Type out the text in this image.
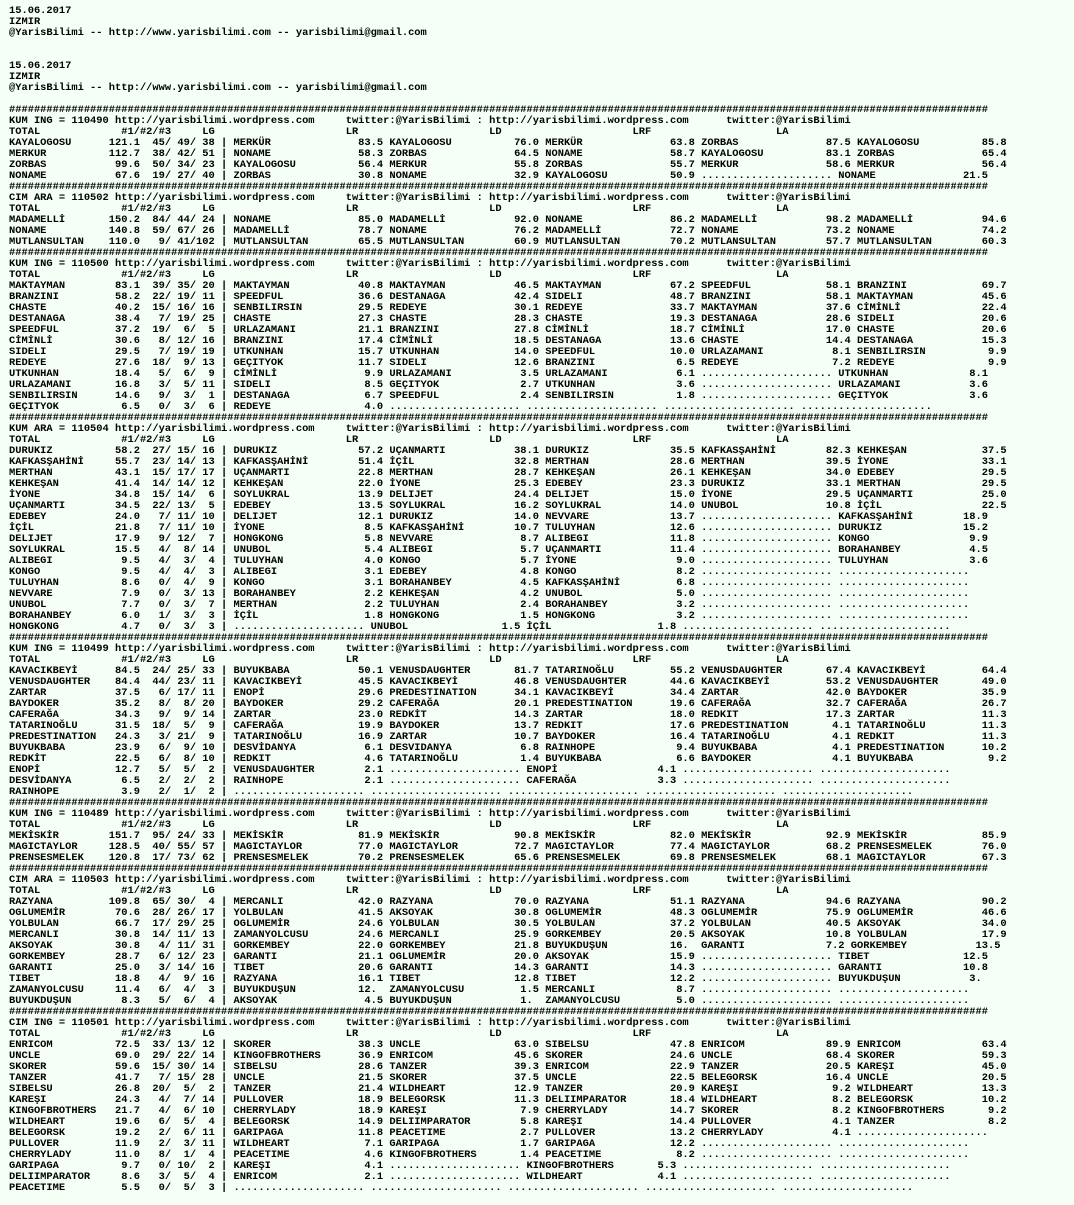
15.06.2017
IZMIR
@YarisBilimi -- http://www.yarisbilimi.com -- yarisbilimi@gmail.com

15.06.2017
IZMIR
@YarisBilimi -- http://www.yarisbilimi.com -- yarisbilimi@gmail.com

#############################################################################################################################################################
KUM ING = 110490 http://yarisbilimi.wordpress.com     twitter:@YarisBilimi : http://yarisbilimi.wordpress.com      twitter:@YarisBilimi
TOTAL             #1/#2/#3     LG                     LR                     LD                     LRF                    LA
KAYALOGOSU      121.1  45/ 49/ 38 | MERKÜR              83.5 KAYALOGOSU          76.0 MERKÜR              63.8 ZORBAS              87.5 KAYALOGOSU          85.8
MERKUR          112.7  38/ 42/ 51 | NONAME              58.3 ZORBAS              64.5 NONAME              58.7 KAYALOGOSU          83.1 ZORBAS              65.4
ZORBAS           99.6  50/ 34/ 23 | KAYALOGOSU          56.4 MERKUR              55.8 ZORBAS              55.7 MERKUR              58.6 MERKUR              56.4
NONAME           67.6  19/ 27/ 40 | ZORBAS              30.8 NONAME              32.9 KAYALOGOSU          50.9 ..................... NONAME              21.5
#############################################################################################################################################################
CIM ARA = 110502 http://yarisbilimi.wordpress.com     twitter:@YarisBilimi : http://yarisbilimi.wordpress.com      twitter:@YarisBilimi
TOTAL             #1/#2/#3     LG                     LR                     LD                     LRF                    LA
MADAMELLİ       150.2  84/ 44/ 24 | NONAME              85.0 MADAMELLİ           92.0 NONAME              86.2 MADAMELLİ           98.2 MADAMELLİ           94.6
NONAME          140.8  59/ 67/ 26 | MADAMELLİ           78.7 NONAME              76.2 MADAMELLİ           72.7 NONAME              73.2 NONAME              74.2
MUTLANSULTAN    110.0   9/ 41/102 | MUTLANSULTAN        65.5 MUTLANSULTAN        60.9 MUTLANSULTAN        70.2 MUTLANSULTAN        57.7 MUTLANSULTAN        60.3
#############################################################################################################################################################
KUM ING = 110500 http://yarisbilimi.wordpress.com     twitter:@YarisBilimi : http://yarisbilimi.wordpress.com      twitter:@YarisBilimi
TOTAL             #1/#2/#3     LG                     LR                     LD                     LRF                    LA
MAKTAYMAN        83.1  39/ 35/ 20 | MAKTAYMAN           40.8 MAKTAYMAN           46.5 MAKTAYMAN           67.2 SPEEDFUL            58.1 BRANZINI            69.7
BRANZINI         58.2  22/ 19/ 11 | SPEEDFUL            36.6 DESTANAGA           42.4 SIDELI              48.7 BRANZINI            58.1 MAKTAYMAN           45.6
CHASTE           40.2  15/ 16/ 16 | SENBILIRSIN         29.5 REDEYE              30.1 REDEYE              33.7 MAKTAYMAN           37.6 CİMİNLİ             22.4
DESTANAGA        38.4   7/ 19/ 25 | CHASTE              27.3 CHASTE              28.3 CHASTE              19.3 DESTANAGA           28.6 SIDELI              20.6
SPEEDFUL         37.2  19/  6/  5 | URLAZAMANI          21.1 BRANZINI            27.8 CİMİNLİ             18.7 CİMİNLİ             17.0 CHASTE              20.6
CİMİNLİ          30.6   8/ 12/ 16 | BRANZINI            17.4 CİMİNLİ             18.5 DESTANAGA           13.6 CHASTE              14.4 DESTANAGA           15.3
SIDELI           29.5   7/ 19/ 19 | UTKUNHAN            15.7 UTKUNHAN            14.0 SPEEDFUL            10.0 URLAZAMANI           8.1 SENBILIRSIN          9.9
REDEYE           27.6  18/  9/ 13 | GEÇITYOK            11.7 SIDELI              12.6 BRANZINI             6.5 REDEYE               7.2 REDEYE               9.9
UTKUNHAN         18.4   5/  6/  9 | CİMİNLİ              9.9 URLAZAMANI           3.5 URLAZAMANI           6.1 ..................... UTKUNHAN             8.1
URLAZAMANI       16.8   3/  5/ 11 | SIDELI               8.5 GEÇITYOK             2.7 UTKUNHAN             3.6 ..................... URLAZAMANI           3.6
SENBILIRSIN      14.6   9/  3/  1 | DESTANAGA            6.7 SPEEDFUL             2.4 SENBILIRSIN          1.8 ..................... GEÇITYOK             3.6
GEÇITYOK          6.5   0/  3/  6 | REDEYE               4.0 ..................... ..................... ..................... .....................
#############################################################################################################################################################
KUM ARA = 110504 http://yarisbilimi.wordpress.com     twitter:@YarisBilimi : http://yarisbilimi.wordpress.com      twitter:@YarisBilimi
TOTAL             #1/#2/#3     LG                     LR                     LD                     LRF                    LA
DURUKIZ          58.2  27/ 15/ 16 | DURUKIZ             57.2 UÇANMARTI           38.1 DURUKIZ             35.5 KAFKASŞAHİNİ        82.3 KEHKEŞAN            37.5
KAFKASŞAHİNİ     55.7  23/ 14/ 13 | KAFKASŞAHİNİ        51.4 İÇİL                32.8 MERTHAN             28.6 MERTHAN             39.5 İYONE               33.1
MERTHAN          43.1  15/ 17/ 17 | UÇANMARTI           22.8 MERTHAN             28.7 KEHKEŞAN            26.1 KEHKEŞAN            34.0 EDEBEY              29.5
KEHKEŞAN         41.4  14/ 14/ 12 | KEHKEŞAN            22.0 İYONE               25.3 EDEBEY              23.3 DURUKIZ             33.1 MERTHAN             29.5
İYONE            34.8  15/ 14/  6 | SOYLUKRAL           13.9 DELIJET             24.4 DELIJET             15.0 İYONE               29.5 UÇANMARTI           25.0
UÇANMARTI        34.5  22/ 13/  5 | EDEBEY              13.5 SOYLUKRAL           16.2 SOYLUKRAL           14.0 UNUBOL              10.8 İÇİL                22.5
EDEBEY           24.0   7/ 11/ 10 | DELIJET             12.1 DURUKIZ             14.0 NEVVARE             13.7 ..................... KAFKASŞAHİNİ        18.9
İÇİL             21.8   7/ 11/ 10 | İYONE                8.5 KAFKASŞAHİNİ        10.7 TULUYHAN            12.6 ..................... DURUKIZ             15.2
DELIJET          17.9   9/ 12/  7 | HONGKONG             5.8 NEVVARE              8.7 ALIBEGI             11.8 ..................... KONGO                9.9
SOYLUKRAL        15.5   4/  8/ 14 | UNUBOL               5.4 ALIBEGI              5.7 UÇANMARTI           11.4 ..................... BORAHANBEY           4.5
ALIBEGI           9.5   4/  3/  4 | TULUYHAN             4.0 KONGO                5.7 İYONE                9.0 ..................... TULUYHAN             3.6
KONGO             9.5   4/  4/  3 | ALIBEGI              3.1 EDEBEY               4.8 KONGO                8.2 ..................... .....................
TULUYHAN          8.6   0/  4/  9 | KONGO                3.1 BORAHANBEY           4.5 KAFKASŞAHİNİ         6.8 ..................... .....................
NEVVARE           7.9   0/  3/ 13 | BORAHANBEY           2.2 KEHKEŞAN             4.2 UNUBOL               5.0 ..................... .....................
UNUBOL            7.7   0/  3/  7 | MERTHAN              2.2 TULUYHAN             2.4 BORAHANBEY           3.2 ..................... .....................
BORAHANBEY        6.0   1/  3/  3 | İÇİL                 1.8 HONGKONG             1.5 HONGKONG             3.2 ..................... .....................
HONGKONG          4.7   0/  3/  3 | ..................... UNUBOL               1.5 İÇİL                 1.8 ..................... .....................
#############################################################################################################################################################
KUM ING = 110499 http://yarisbilimi.wordpress.com     twitter:@YarisBilimi : http://yarisbilimi.wordpress.com      twitter:@YarisBilimi
TOTAL             #1/#2/#3     LG                     LR                     LD                     LRF                    LA
KAVACIKBEYİ      84.5  24/ 25/ 33 | BUYUKBABA           50.1 VENUSDAUGHTER       81.7 TATARINOĞLU         55.2 VENUSDAUGHTER       67.4 KAVACIKBEYİ         64.4
VENUSDAUGHTER    84.4  44/ 23/ 11 | KAVACIKBEYİ         45.5 KAVACIKBEYİ         46.8 VENUSDAUGHTER       44.6 KAVACIKBEYİ         53.2 VENUSDAUGHTER       49.0
ZARTAR           37.5   6/ 17/ 11 | ENOPİ               29.6 PREDESTINATION      34.1 KAVACIKBEYİ         34.4 ZARTAR              42.0 BAYDOKER            35.9
BAYDOKER         35.2   8/  8/ 20 | BAYDOKER            29.2 CAFERAĞA            20.1 PREDESTINATION      19.6 CAFERAĞA            32.7 CAFERAĞA            26.7
CAFERAĞA         34.3   9/  9/ 14 | ZARTAR              23.0 REDKİT              14.3 ZARTAR              18.0 REDKIT              17.3 ZARTAR              11.3
TATARINOĞLU      31.5  18/  5/  9 | CAFERAĞA            19.9 BAYDOKER            13.7 REDKIT              17.6 PREDESTINATION       4.1 TATARINOĞLU         11.3
PREDESTINATION   24.3   3/ 21/  9 | TATARINOĞLU         16.9 ZARTAR              10.7 BAYDOKER            16.4 TATARINOĞLU          4.1 REDKIT              11.3
BUYUKBABA        23.9   6/  9/ 10 | DESVİDANYA           6.1 DESVIDANYA           6.8 RAINHOPE             9.4 BUYUKBABA            4.1 PREDESTINATION      10.2
REDKİT           22.5   6/  8/ 10 | REDKIT               4.6 TATARINOĞLU          1.4 BUYUKBABA            6.6 BAYDOKER             4.1 BUYUKBABA            9.2
ENOPİ            12.7   5/  5/  2 | VENUSDAUGHTER        2.1 ..................... ENOPİ                4.1 ..................... .....................
DESVİDANYA        6.5   2/  2/  2 | RAINHOPE             2.1 ..................... CAFERAĞA             3.3 ..................... .....................
RAINHOPE          3.9   2/  1/  2 | ..................... ..................... ..................... ..................... .....................
#############################################################################################################################################################
KUM ING = 110489 http://yarisbilimi.wordpress.com     twitter:@YarisBilimi : http://yarisbilimi.wordpress.com      twitter:@YarisBilimi
TOTAL             #1/#2/#3     LG                     LR                     LD                     LRF                    LA
MEKİSKİR        151.7  95/ 24/ 33 | MEKİSKİR            81.9 MEKİSKİR            90.8 MEKİSKİR            82.0 MEKİSKİR            92.9 MEKİSKİR            85.9
MAGICTAYLOR     128.5  40/ 55/ 57 | MAGICTAYLOR         77.0 MAGICTAYLOR         72.7 MAGICTAYLOR         77.4 MAGICTAYLOR         68.2 PRENSESMELEK        76.0
PRENSESMELEK    120.8  17/ 73/ 62 | PRENSESMELEK        70.2 PRENSESMELEK        65.6 PRENSESMELEK        69.8 PRENSESMELEK        68.1 MAGICTAYLOR         67.3
#############################################################################################################################################################
CIM ARA = 110503 http://yarisbilimi.wordpress.com     twitter:@YarisBilimi : http://yarisbilimi.wordpress.com      twitter:@YarisBilimi
TOTAL             #1/#2/#3     LG                     LR                     LD                     LRF                    LA
RAZYANA         109.8  65/ 30/  4 | MERCANLI            42.0 RAZYANA             70.0 RAZYANA             51.1 RAZYANA             94.6 RAZYANA             90.2
OGLUMEMİR        70.6  28/ 26/ 17 | YOLBULAN            41.5 AKSOYAK             30.8 OGLUMEMİR           48.3 OGLUMEMİR           75.9 OGLUMEMİR           46.6
YOLBULAN         66.7  17/ 29/ 25 | OGLUMEMİR           24.6 YOLBULAN            30.5 YOLBULAN            37.2 YOLBULAN            40.5 AKSOYAK             34.0
MERCANLI         30.8  14/ 11/ 13 | ZAMANYOLCUSU        24.6 MERCANLI            25.9 GORKEMBEY           20.5 AKSOYAK             10.8 YOLBULAN            17.9
AKSOYAK          30.8   4/ 11/ 31 | GORKEMBEY           22.0 GORKEMBEY           21.8 BUYUKDUŞUN          16.  GARANTI             7.2 GORKEMBEY           13.5
GORKEMBEY        28.7   6/ 12/ 23 | GARANTI             21.1 OGLUMEMİR           20.0 AKSOYAK             15.9 ..................... TIBET               12.5
GARANTI          25.0   3/ 14/ 16 | TIBET               20.6 GARANTI             14.3 GARANTI             14.3 ..................... GARANTI             10.8
TIBET            18.8   4/  9/ 16 | RAZYANA             16.1 TIBET               12.8 TIBET               12.2 ..................... BUYUKDUŞUN           3.
ZAMANYOLCUSU     11.4   6/  4/  3 | BUYUKDUŞUN          12.  ZAMANYOLCUSU         1.5 MERCANLI             8.7 ..................... .....................
BUYUKDUŞUN        8.3   5/  6/  4 | AKSOYAK              4.5 BUYUKDUŞUN           1.  ZAMANYOLCUSU         5.0 ..................... .....................
#############################################################################################################################################################
CIM ING = 110501 http://yarisbilimi.wordpress.com     twitter:@YarisBilimi : http://yarisbilimi.wordpress.com      twitter:@YarisBilimi
TOTAL             #1/#2/#3     LG                     LR                     LD                     LRF                    LA
ENRICOM          72.5  33/ 13/ 12 | SKORER              38.3 UNCLE               63.0 SIBELSU             47.8 ENRICOM             89.9 ENRICOM             63.4
UNCLE            69.0  29/ 22/ 14 | KINGOFBROTHERS      36.9 ENRICOM             45.6 SKORER              24.6 UNCLE               68.4 SKORER              59.3
SKORER           59.6  15/ 30/ 14 | SIBELSU             28.6 TANZER              39.3 ENRICOM             22.9 TANZER              20.5 KAREŞI              45.0
TANZER           41.7   7/ 15/ 28 | UNCLE               21.5 SKORER              37.5 UNCLE               22.5 BELEGORSK           16.4 UNCLE               20.5
SIBELSU          26.8  20/  5/  2 | TANZER              21.4 WILDHEART           12.9 TANZER              20.9 KAREŞI               9.2 WILDHEART           13.3
KAREŞI           24.3   4/  7/ 14 | PULLOVER            18.9 BELEGORSK           11.3 DELIIMPARATOR       18.4 WILDHEART            8.2 BELEGORSK           10.2
KINGOFBROTHERS   21.7   4/  6/ 10 | CHERRYLADY          18.9 KAREŞI               7.9 CHERRYLADY          14.7 SKORER               8.2 KINGOFBROTHERS       9.2
WILDHEART        19.6   6/  5/  4 | BELEGORSK           14.9 DELIIMPARATOR        5.8 KAREŞI              14.4 PULLOVER             4.1 TANZER               8.2
BELEGORSK        19.2   2/  6/ 11 | GARIPAGA            11.8 PEACETIME            2.7 PULLOVER            13.2 CHERRYLADY           4.1 .....................
PULLOVER         11.9   2/  3/ 11 | WILDHEART            7.1 GARIPAGA             1.7 GARIPAGA            12.2 ..................... .....................
CHERRYLADY       11.0   8/  1/  4 | PEACETIME            4.6 KINGOFBROTHERS       1.4 PEACETIME            8.2 ..................... .....................
GARIPAGA          9.7   0/ 10/  2 | KAREŞI               4.1 ..................... KINGOFBROTHERS       5.3 ..................... .....................
DELIIMPARATOR     8.6   3/  5/  4 | ENRICOM              2.1 ..................... WILDHEART            4.1 ..................... .....................
PEACETIME         5.5   0/  5/  3 | ..................... ..................... ..................... ..................... .....................
